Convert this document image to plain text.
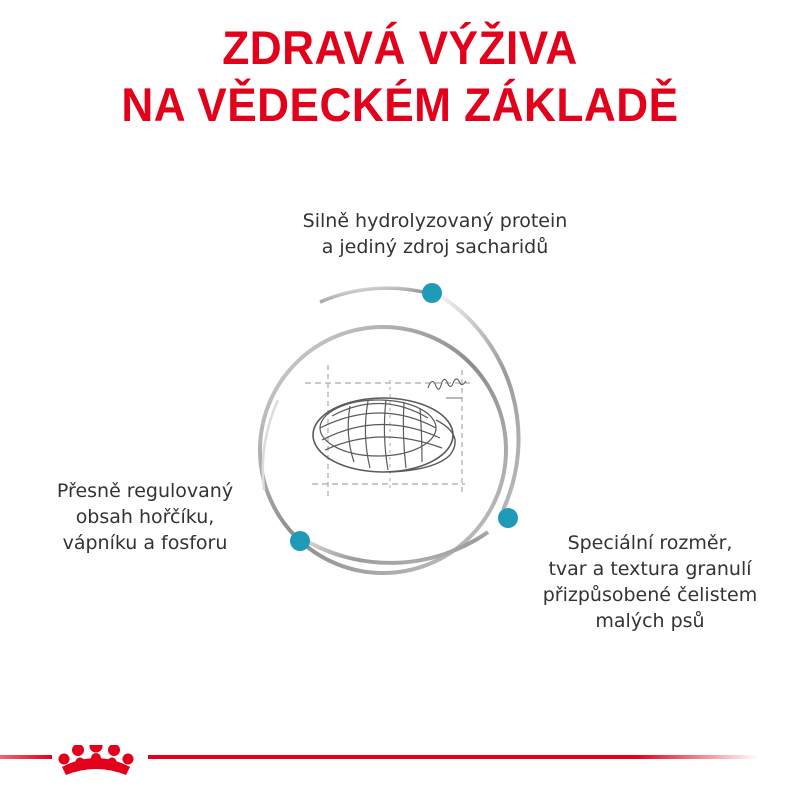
ZDRAVÁ VÝŽIVA
NA VĚDECKÉM ZÁKLADĚ
Silně hydrolyzovaný protein
a jediný zdroj sacharidů
Přesně regulovaný
obsah hořčíku,
vápníku a fosforu	Speciální rozměr,
tvar a textura granulí
přizpůsobené čelistem
malých psů
